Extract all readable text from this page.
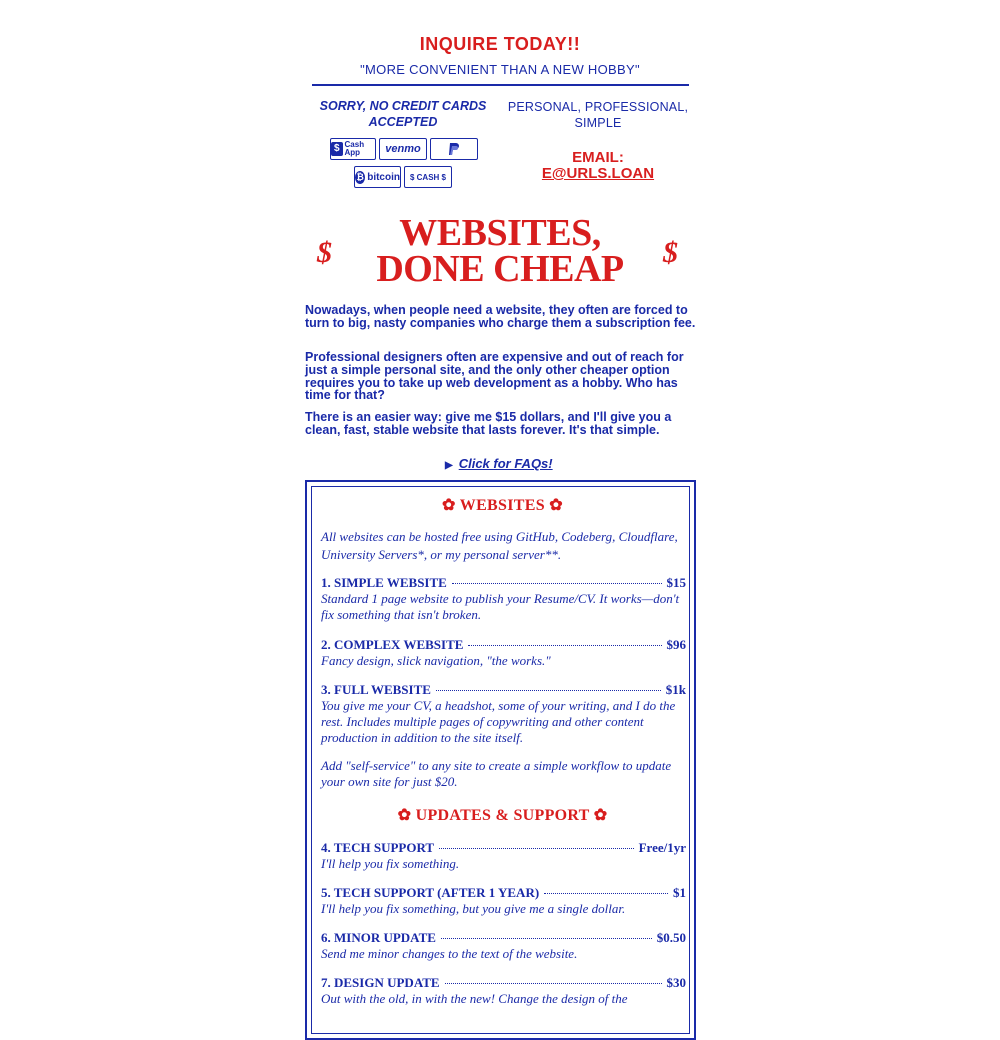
INQUIRE TODAY!!
"MORE CONVENIENT THAN A NEW HOBBY"
SORRY, NO CREDIT CARDS ACCEPTED
$ Cash App	venmo
₿ bitcoin	$ CASH $
PERSONAL, PROFESSIONAL, SIMPLE
EMAIL:
E@URLS.LOAN
$	WEBSITES,
DONE CHEAP	$

Nowadays, when people need a website, they often are forced to turn to big, nasty companies who charge them a subscription fee.

Professional designers often are expensive and out of reach for just a simple personal site, and the only other cheaper option requires you to take up web development as a hobby. Who has time for that?

There is an easier way: give me $15 dollars, and I'll give you a clean, fast, stable website that lasts forever. It's that simple.

▶ Click for FAQs!
✿ WEBSITES ✿

All websites can be hosted free using GitHub, Codeberg, Cloudflare, University Servers*, or my personal server**.

1. SIMPLE WEBSITE	$15

Standard 1 page website to publish your Resume/CV. It works—don't fix something that isn't broken.

2. COMPLEX WEBSITE	$96

Fancy design, slick navigation, "the works."

3. FULL WEBSITE	$1k

You give me your CV, a headshot, some of your writing, and I do the rest. Includes multiple pages of copywriting and other content production in addition to the site itself.

Add "self-service" to any site to create a simple workflow to update your own site for just $20.

✿ UPDATES & SUPPORT ✿
4. TECH SUPPORT	Free/1yr

I'll help you fix something.

5. TECH SUPPORT (AFTER 1 YEAR)	$1

I'll help you fix something, but you give me a single dollar.

6. MINOR UPDATE	$0.50

Send me minor changes to the text of the website.

7. DESIGN UPDATE	$30

Out with the old, in with the new! Change the design of the
